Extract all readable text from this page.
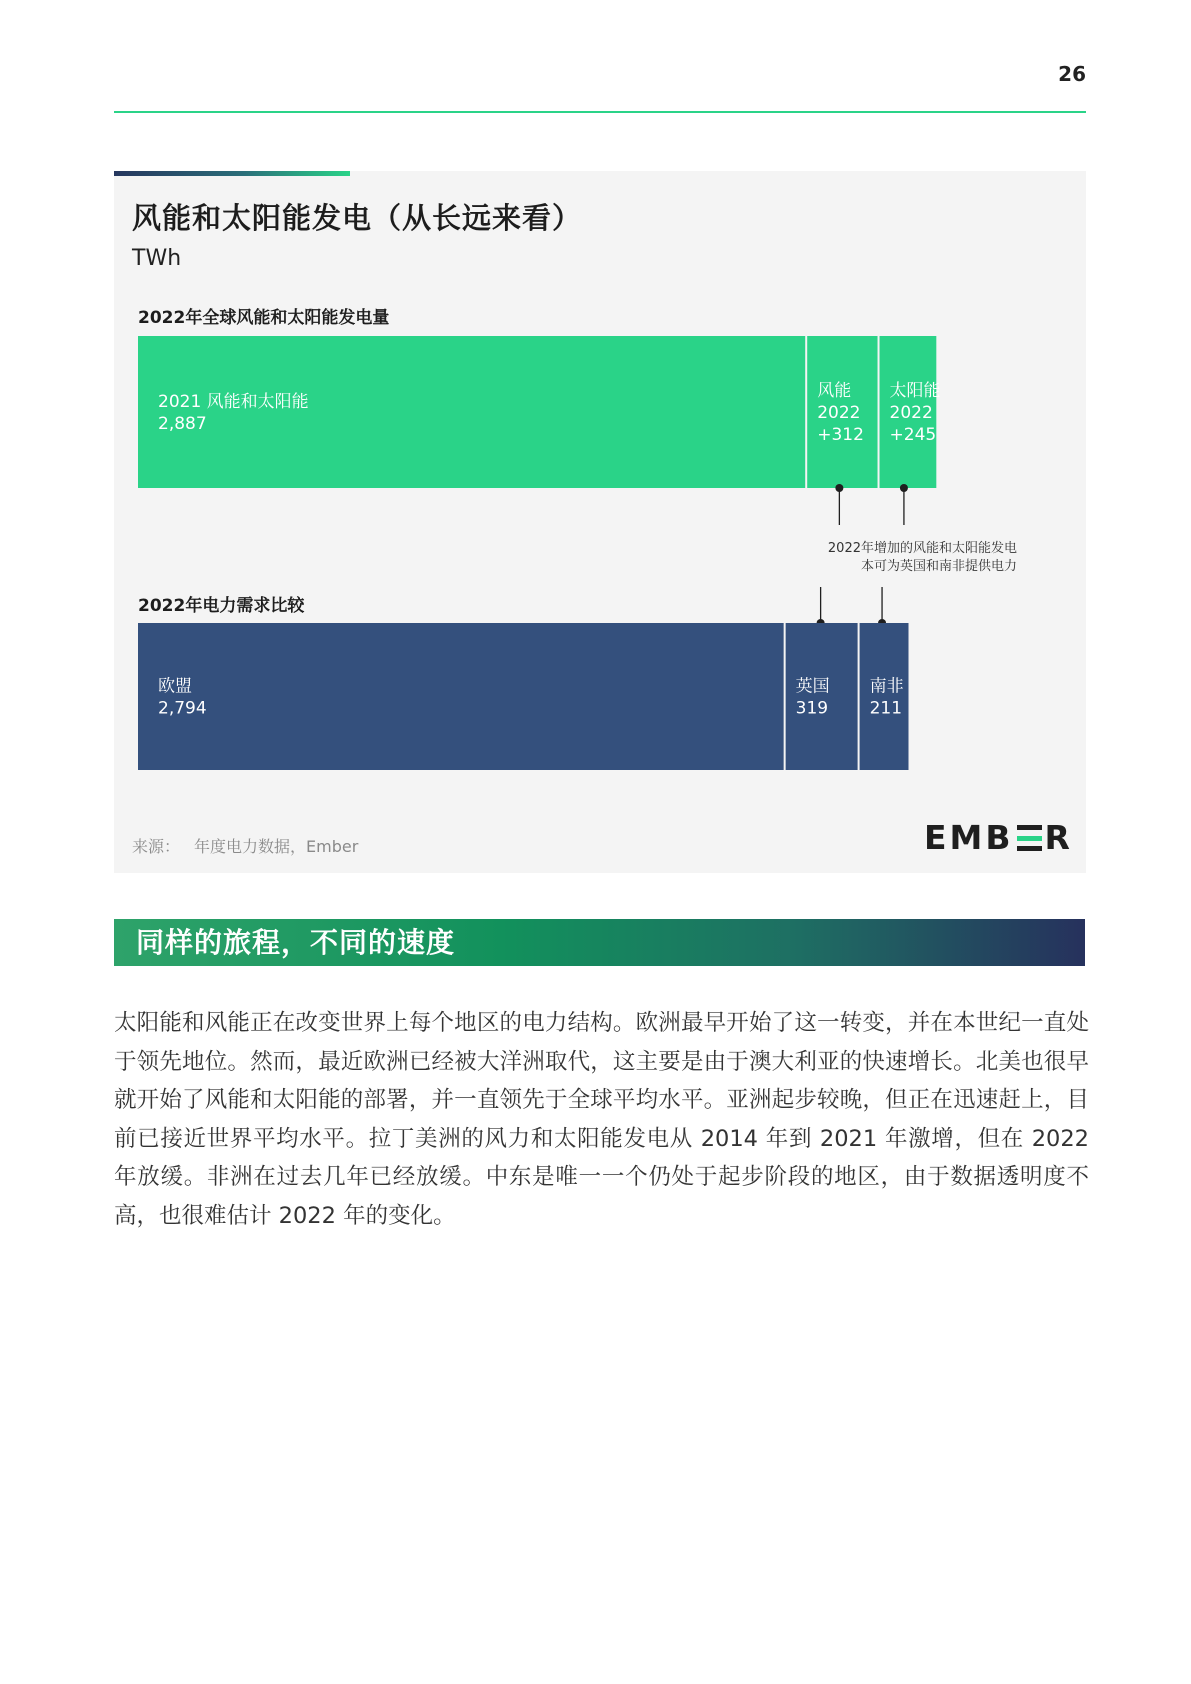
26
风能和太阳能发电（从长远来看）
TWh
2022年全球风能和太阳能发电量
2021 风能和太阳能
2,887
风能
2022
+312
太阳能
2022
+245
2022年增加的风能和太阳能发电
本可为英国和南非提供电力
2022年电力需求比较
欧盟
2,794
英国
319
南非
211
来源： 年度电力数据，Ember	EMB R
同样的旅程，不同的速度

太阳能和风能正在改变世界上每个地区的电力结构。欧洲最早开始了这一转变，并在本世纪一直处于领先地位。然而，最近欧洲已经被大洋洲取代，这主要是由于澳大利亚的快速增长。北美也很早就开始了风能和太阳能的部署，并一直领先于全球平均水平。亚洲起步较晚，但正在迅速赶上，目前已接近世界平均水平。拉丁美洲的风力和太阳能发电从 2014 年到 2021 年激增，但在 2022 年放缓。非洲在过去几年已经放缓。中东是唯一一个仍处于起步阶段的地区，由于数据透明度不高，也很难估计 2022 年的变化。
